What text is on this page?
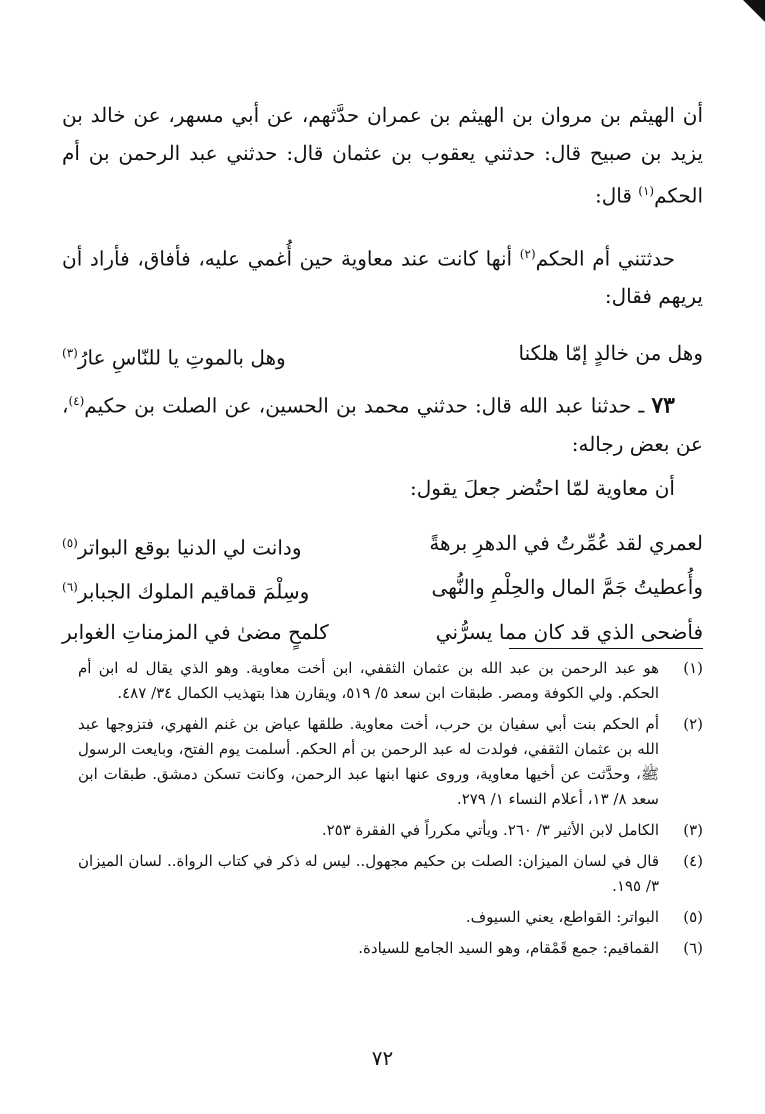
أن الهيثم بن مروان بن الهيثم بن عمران حدَّثهم، عن أبي مسهر، عن خالد بن يزيد بن صبيح قال: حدثني يعقوب بن عثمان قال: حدثني عبد الرحمن بن أم الحكم$^{(١)}$ قال:

حدثتني أم الحكم$^{(٢)}$ أنها كانت عند معاوية حين أُغمي عليه، فأفاق، فأراد أن يريهم فقال:

وهل من خالدٍ إمّا هلكنا
وهل بالموتِ يا للنّاسِ عارُ$^{(٣)}$

٧٣ ـ حدثنا عبد الله قال: حدثني محمد بن الحسين، عن الصلت بن حكيم$^{(٤)}$، عن بعض رجاله:

أن معاوية لمّا احتُضر جعلَ يقول:

لعمري لقد عُمِّرتُ في الدهرِ برهةً
ودانت لي الدنيا بوقع البواتر$^{(٥)}$
وأُعطيتُ جَمَّ المال والحِلْمِ والنُّهى
وسِلْمَ قماقيم الملوك الجبابر$^{(٦)}$
فأضحى الذي قد كان مما يسرُّني
كلمحٍ مضىٰ في المزمناتِ الغوابر
(١)
هو عبد الرحمن بن عبد الله بن عثمان الثقفي، ابن أخت معاوية. وهو الذي يقال له ابن أم الحكم. ولي الكوفة ومصر. طبقات ابن سعد ٥/ ٥١٩، ويقارن هذا بتهذيب الكمال ٣٤/ ٤٨٧.
(٢)
أم الحكم بنت أبي سفيان بن حرب، أخت معاوية. طلقها عياض بن غنم الفهري، فتزوجها عبد الله بن عثمان الثقفي، فولدت له عبد الرحمن بن أم الحكم. أسلمت يوم الفتح، وبايعت الرسول ﷺ، وحدَّثت عن أخيها معاوية، وروى عنها ابنها عبد الرحمن، وكانت تسكن دمشق. طبقات ابن سعد ٨/ ١٣، أعلام النساء ١/ ٢٧٩.
(٣)
الكامل لابن الأثير ٣/ ٢٦٠. ويأتي مكرراً في الفقرة ٢٥٣.
(٤)
قال في لسان الميزان: الصلت بن حكيم مجهول.. ليس له ذكر في كتاب الرواة.. لسان الميزان ٣/ ١٩٥.
(٥)
البواتر: القواطع، يعني السيوف.
(٦)
القماقيم: جمع قَمْقام، وهو السيد الجامع للسيادة.
٧٢
